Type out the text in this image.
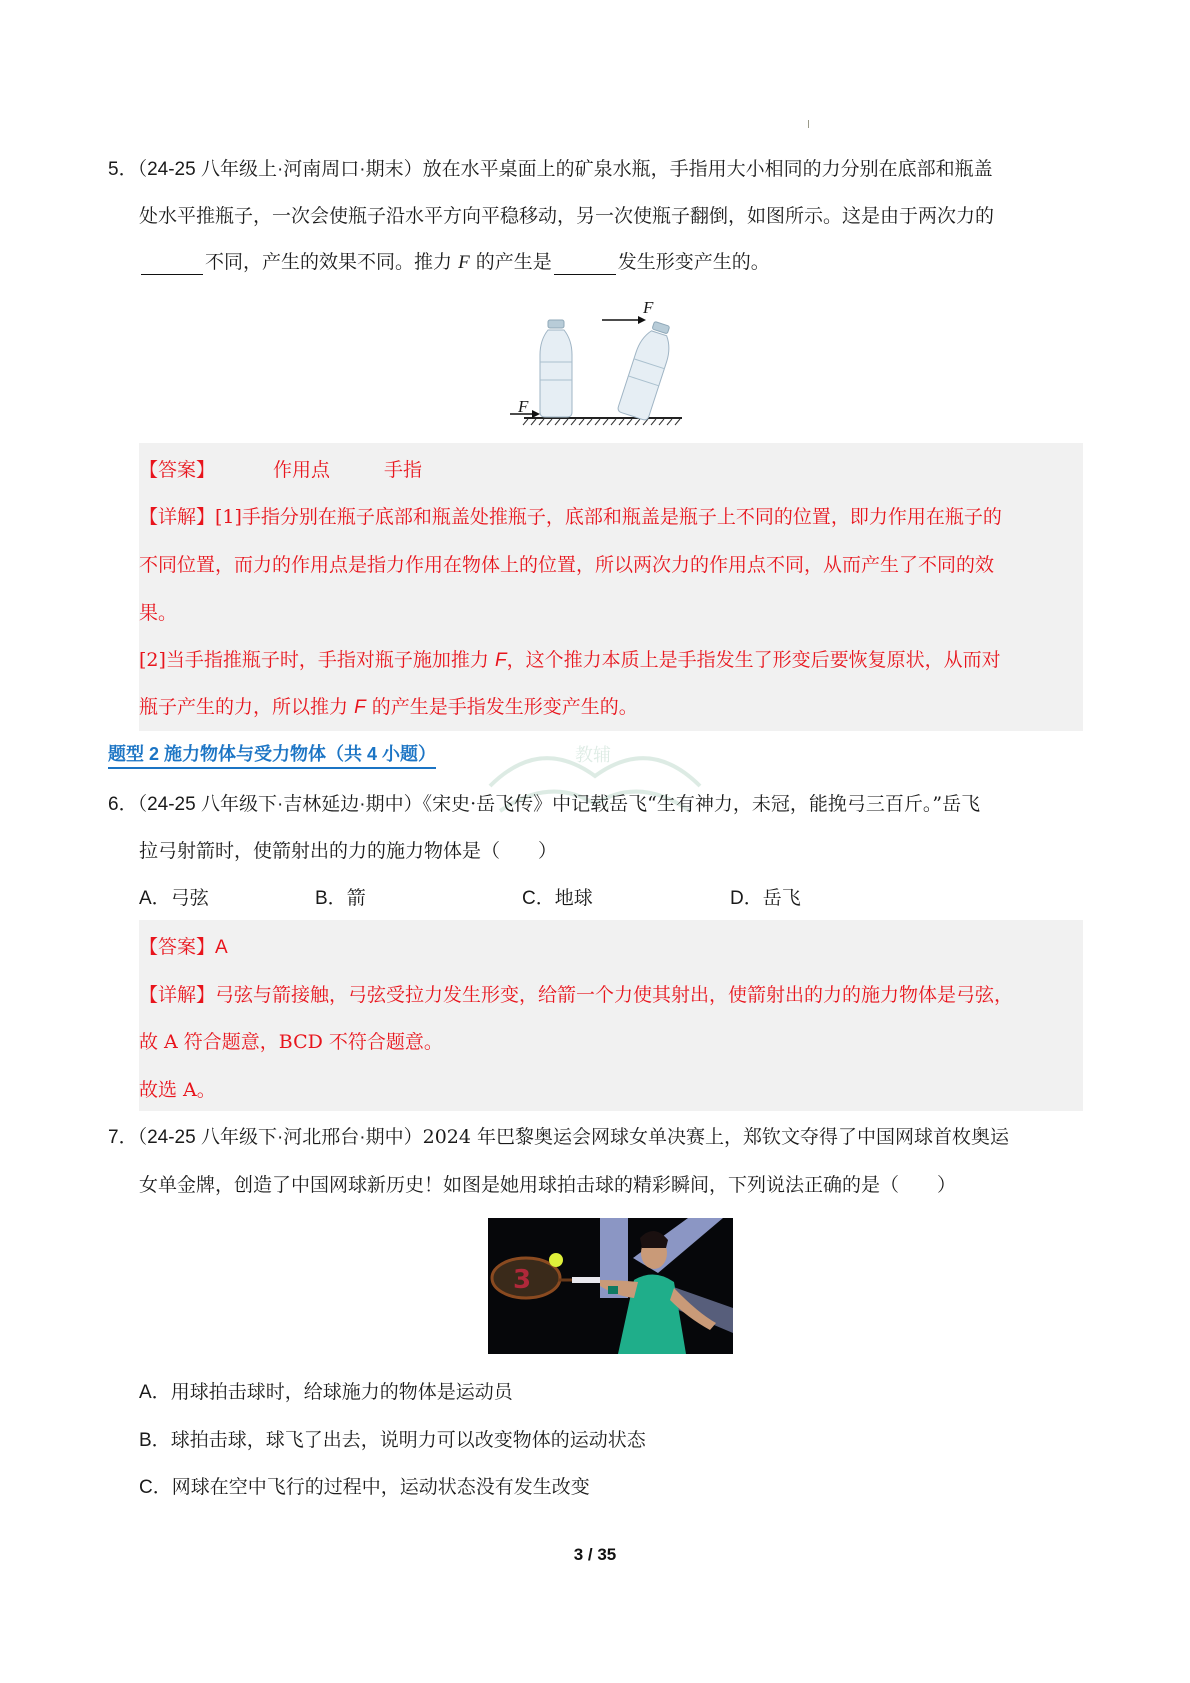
5．（24-25 八年级上·河南周口·期末）放在水平桌面上的矿泉水瓶，手指用大小相同的力分别在底部和瓶盖
处水平推瓶子，一次会使瓶子沿水平方向平稳移动，另一次使瓶子翻倒，如图所示。这是由于两次力的
不同，产生的效果不同。推力 F 的产生是	发生形变产生的。
F
F
【答案】	作用点	手指
【详解】[1]手指分别在瓶子底部和瓶盖处推瓶子，底部和瓶盖是瓶子上不同的位置，即力作用在瓶子的
不同位置，而力的作用点是指力作用在物体上的位置，所以两次力的作用点不同，从而产生了不同的效
果。
[2]当手指推瓶子时，手指对瓶子施加推力 F，这个推力本质上是手指发生了形变后要恢复原状，从而对
瓶子产生的力，所以推力 F 的产生是手指发生形变产生的。
教辅
题型 2 施力物体与受力物体（共 4 小题）
6．（24-25 八年级下·吉林延边·期中）《宋史·岳飞传》中记载岳飞“生有神力，未冠，能挽弓三百斤。”岳飞
拉弓射箭时，使箭射出的力的施力物体是（　　）
A．弓弦	B．箭	C．地球	D．岳飞
【答案】A
【详解】弓弦与箭接触，弓弦受拉力发生形变，给箭一个力使其射出，使箭射出的力的施力物体是弓弦，
故 A 符合题意，BCD 不符合题意。
故选 A。
7．（24-25 八年级下·河北邢台·期中）2024 年巴黎奥运会网球女单决赛上，郑钦文夺得了中国网球首枚奥运
女单金牌，创造了中国网球新历史！如图是她用球拍击球的精彩瞬间，下列说法正确的是（　　）
3
A．用球拍击球时，给球施力的物体是运动员
B．球拍击球，球飞了出去，说明力可以改变物体的运动状态
C．网球在空中飞行的过程中，运动状态没有发生改变
3 / 35
